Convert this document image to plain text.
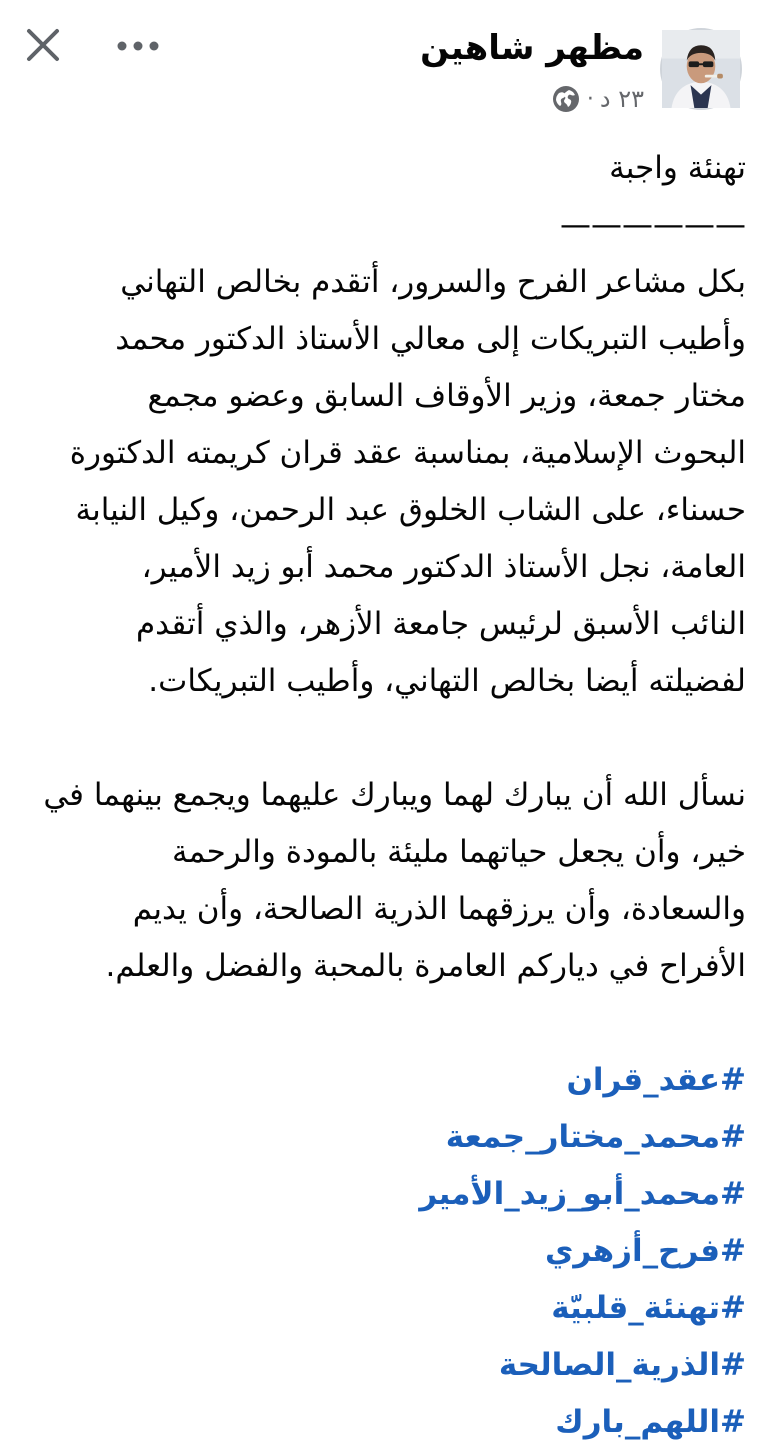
مظهر شاهين
٢٣ د
·

تهنئة واجبة

——————

بكل مشاعر الفرح والسرور، أتقدم بخالص التهاني

وأطيب التبريكات إلى معالي الأستاذ الدكتور محمد

مختار جمعة، وزير الأوقاف السابق وعضو مجمع

البحوث الإسلامية، بمناسبة عقد قران كريمته الدكتورة

حسناء، على الشاب الخلوق عبد الرحمن، وكيل النيابة

العامة، نجل الأستاذ الدكتور محمد أبو زيد الأمير،

النائب الأسبق لرئيس جامعة الأزهر، والذي أتقدم

لفضيلته أيضا بخالص التهاني، وأطيب التبريكات.

نسأل الله أن يبارك لهما ويبارك عليهما ويجمع بينهما في

خير، وأن يجعل حياتهما مليئة بالمودة والرحمة

والسعادة، وأن يرزقهما الذرية الصالحة، وأن يديم

الأفراح في دياركم العامرة بالمحبة والفضل والعلم.

#عقد_قران
#محمد_مختار_جمعة
#محمد_أبو_زيد_الأمير
#فرح_أزهري
#تهنئة_قلبيّة
#الذرية_الصالحة
#اللهم_بارك
